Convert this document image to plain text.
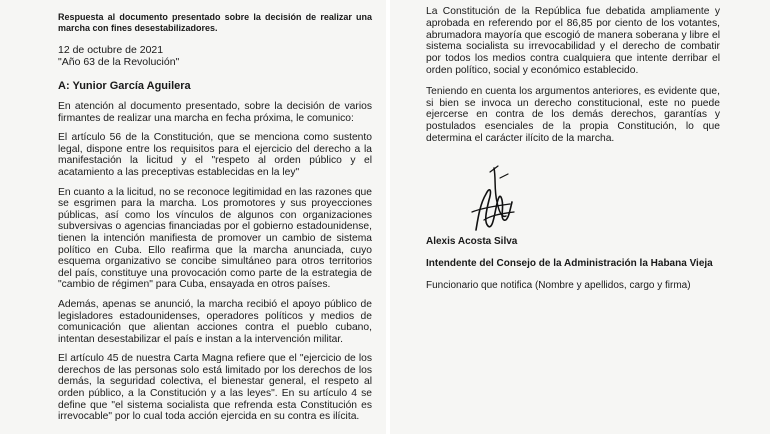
Respuesta al documento presentado sobre la decisión de realizar una marcha con fines desestabilizadores.

12 de octubre de 2021

"Año 63 de la Revolución"

A: Yunior García Aguilera

En atención al documento presentado, sobre la decisión de varios firmantes de realizar una marcha en fecha próxima, le comunico:

El artículo 56 de la Constitución, que se menciona como sustento legal, dispone entre los requisitos para el ejercicio del derecho a la manifestación la licitud y el "respeto al orden público y el acatamiento a las preceptivas establecidas en la ley"

En cuanto a la licitud, no se reconoce legitimidad en las razones que se esgrimen para la marcha. Los promotores y sus proyecciones públicas, así como los vínculos de algunos con organizaciones subversivas o agencias financiadas por el gobierno estadounidense, tienen la intención manifiesta de promover un cambio de sistema político en Cuba. Ello reafirma que la marcha anunciada, cuyo esquema organizativo se concibe simultáneo para otros territorios del país, constituye una provocación como parte de la estrategia de "cambio de régimen" para Cuba, ensayada en otros países.

Además, apenas se anunció, la marcha recibió el apoyo público de legisladores estadounidenses, operadores políticos y medios de comunicación que alientan acciones contra el pueblo cubano, intentan desestabilizar el país e instan a la intervención militar.

El artículo 45 de nuestra Carta Magna refiere que el "ejercicio de los derechos de las personas solo está limitado por los derechos de los demás, la seguridad colectiva, el bienestar general, el respeto al orden público, a la Constitución y a las leyes". En su artículo 4 se define que "el sistema socialista que refrenda esta Constitución es irrevocable" por lo cual toda acción ejercida en su contra es ilícita.

La Constitución de la República fue debatida ampliamente y aprobada en referendo por el 86,85 por ciento de los votantes, abrumadora mayoría que escogió de manera soberana y libre el sistema socialista su irrevocabilidad y el derecho de combatir por todos los medios contra cualquiera que intente derribar el orden político, social y económico establecido.

Teniendo en cuenta los argumentos anteriores, es evidente que, si bien se invoca un derecho constitucional, este no puede ejercerse en contra de los demás derechos, garantías y postulados esenciales de la propia Constitución, lo que determina el carácter ilícito de la marcha.

Alexis Acosta Silva

Intendente del Consejo de la Administración la Habana Vieja

Funcionario que notifica (Nombre y apellidos, cargo y firma)
